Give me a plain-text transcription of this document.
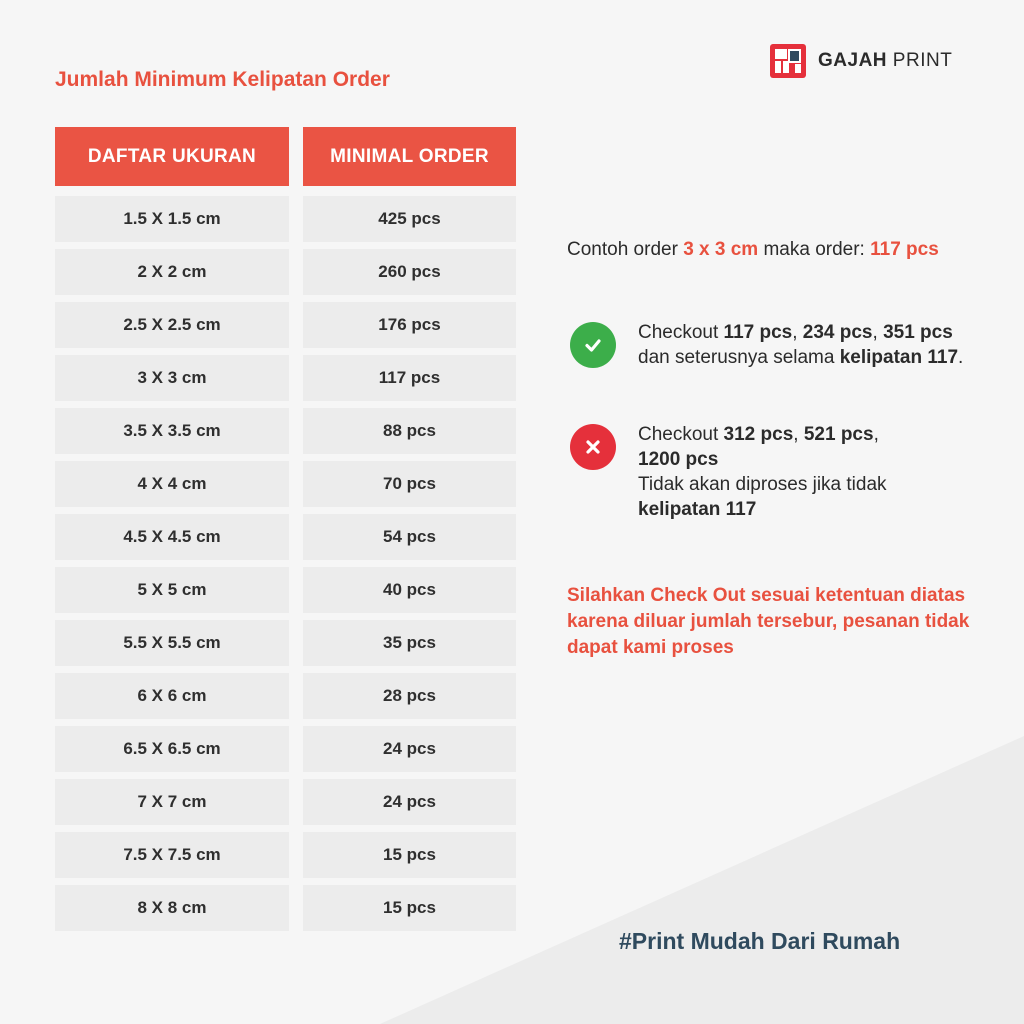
GAJAH PRINT
Jumlah Minimum Kelipatan Order
DAFTAR UKURAN	MINIMAL ORDER
1.5 X 1.5 cm	425 pcs
2 X 2 cm	260 pcs
2.5 X 2.5 cm	176 pcs
3 X 3 cm	117 pcs
3.5 X 3.5 cm	88 pcs
4 X 4 cm	70 pcs
4.5 X 4.5 cm	54 pcs
5 X 5 cm	40 pcs
5.5 X 5.5 cm	35 pcs
6 X 6 cm	28 pcs
6.5 X 6.5 cm	24 pcs
7 X 7 cm	24 pcs
7.5 X 7.5 cm	15 pcs
8 X 8 cm	15 pcs
Contoh order 3 x 3 cm maka order: 117 pcs
Checkout 117 pcs, 234 pcs, 351 pcs dan seterusnya selama kelipatan 117.
Checkout 312 pcs, 521 pcs,
1200 pcs
Tidak akan diproses jika tidak
kelipatan 117
Silahkan Check Out sesuai ketentuan diatas karena diluar jumlah tersebur, pesanan tidak dapat kami proses
#Print Mudah Dari Rumah
